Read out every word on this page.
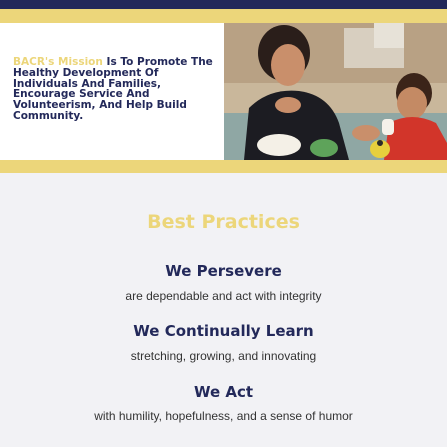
BACR's Mission Is To Promote The Healthy Development Of Individuals And Families, Encourage Service And Volunteerism, And Help Build Community.
Best Practices
We Persevere
are dependable and act with integrity
We Continually Learn
stretching, growing, and innovating
We Act
with humility, hopefulness, and a sense of humor
